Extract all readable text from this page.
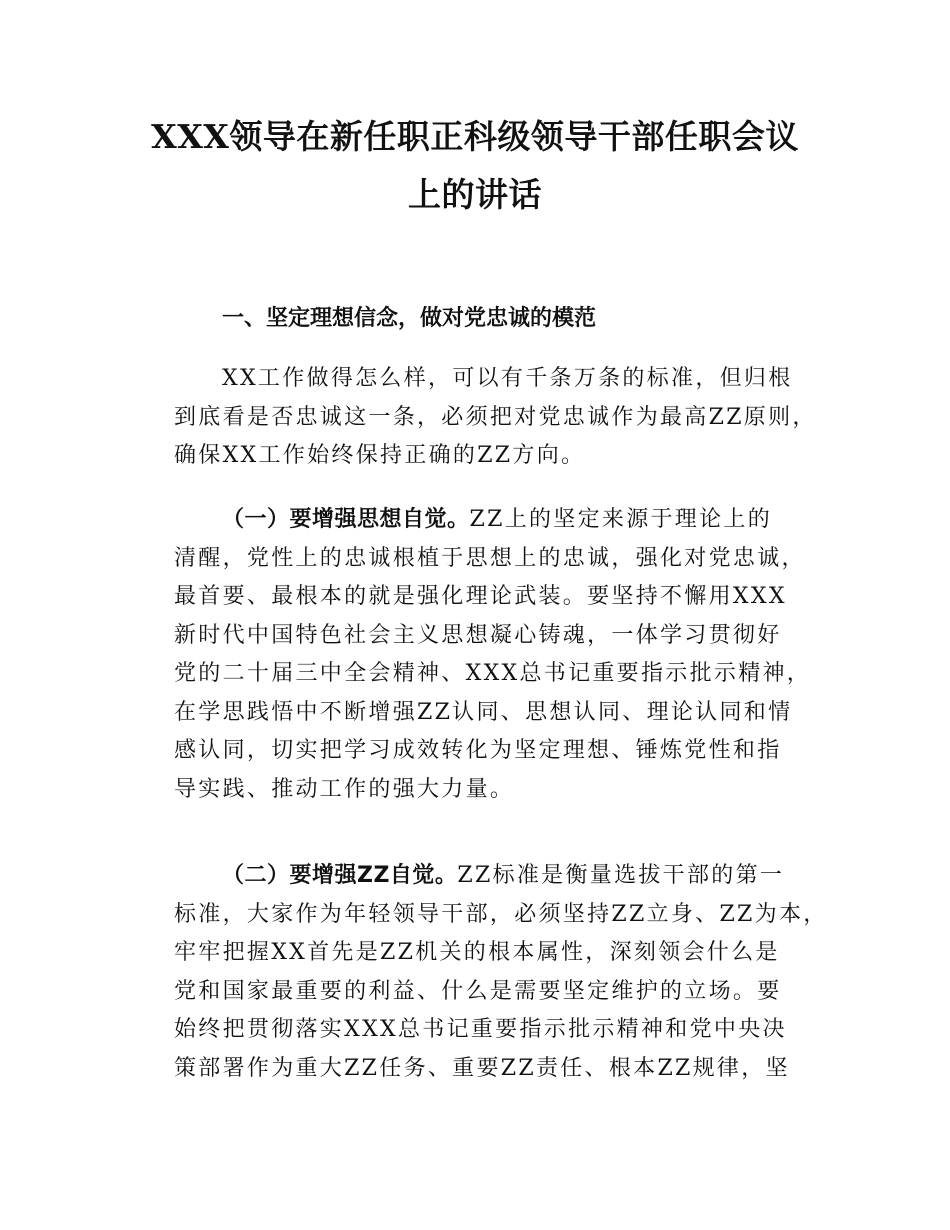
XXX领导在新任职正科级领导干部任职会议
上的讲话
一、坚定理想信念，做对党忠诚的模范
XX工作做得怎么样，可以有千条万条的标准，但归根
到底看是否忠诚这一条，必须把对党忠诚作为最高ZZ原则，
确保XX工作始终保持正确的ZZ方向。
（一）要增强思想自觉。ZZ上的坚定来源于理论上的
清醒，党性上的忠诚根植于思想上的忠诚，强化对党忠诚，
最首要、最根本的就是强化理论武装。要坚持不懈用XXX
新时代中国特色社会主义思想凝心铸魂，一体学习贯彻好
党的二十届三中全会精神、XXX总书记重要指示批示精神，
在学思践悟中不断增强ZZ认同、思想认同、理论认同和情
感认同，切实把学习成效转化为坚定理想、锤炼党性和指
导实践、推动工作的强大力量。
（二）要增强ZZ自觉。ZZ标准是衡量选拔干部的第一
标准，大家作为年轻领导干部，必须坚持ZZ立身、ZZ为本，
牢牢把握XX首先是ZZ机关的根本属性，深刻领会什么是
党和国家最重要的利益、什么是需要坚定维护的立场。要
始终把贯彻落实XXX总书记重要指示批示精神和党中央决
策部署作为重大ZZ任务、重要ZZ责任、根本ZZ规律，坚
